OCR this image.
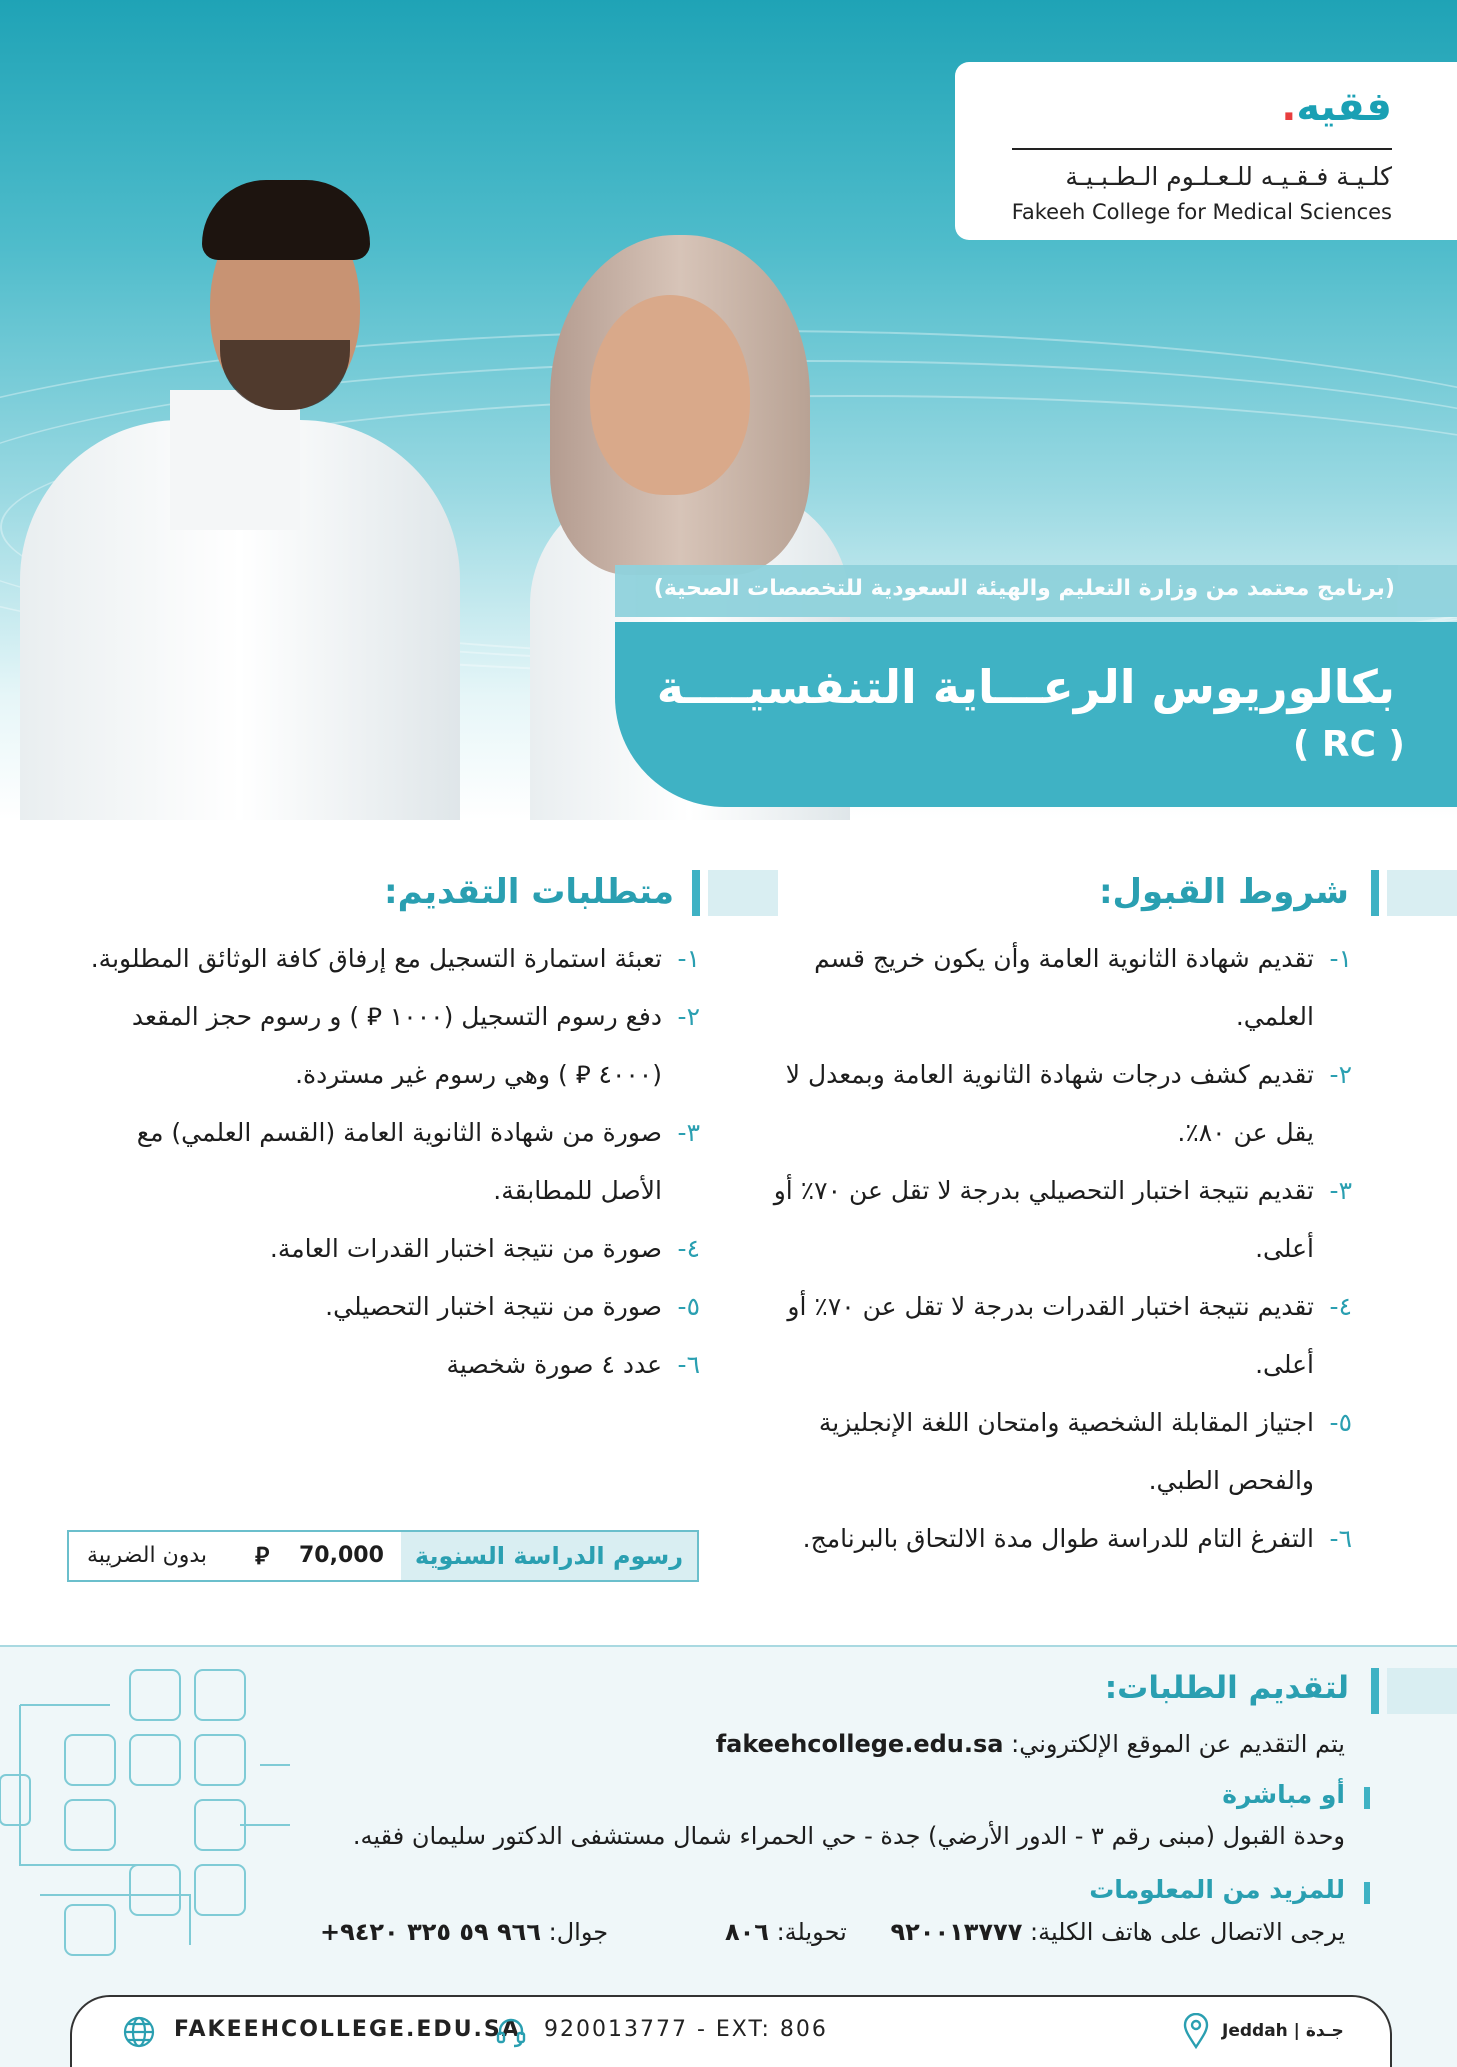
فقيه.
كلـيـة فـقـيـه للـعـلـوم الـطـبـيـة
Fakeeh College for Medical Sciences
(برنامج معتمد من وزارة التعليم والهيئة السعودية للتخصصات الصحية)
بكالوريوس الرعـــاية التنفسيــــة
( RC )
شروط القبول:
١-
تقديم شهادة الثانوية العامة وأن يكون خريج قسم
العلمي.
٢-
تقديم كشف درجات شهادة الثانوية العامة وبمعدل لا
يقل عن ٨٠٪.
٣-
تقديم نتيجة اختبار التحصيلي بدرجة لا تقل عن ٧٠٪ أو أعلى.
٤-
تقديم نتيجة اختبار القدرات بدرجة لا تقل عن ٧٠٪ أو أعلى.
٥-
اجتياز المقابلة الشخصية وامتحان اللغة الإنجليزية
والفحص الطبي.
٦-
التفرغ التام للدراسة طوال مدة الالتحاق بالبرنامج.
متطلبات التقديم:
١-
تعبئة استمارة التسجيل مع إرفاق كافة الوثائق المطلوبة.
٢-
دفع رسوم التسجيل (١٠٠٠ ⃁ ) و رسوم حجز المقعد
(٤٠٠٠ ⃁ ) وهي رسوم غير مستردة.
٣-
صورة من شهادة الثانوية العامة (القسم العلمي) مع
الأصل للمطابقة.
٤-
صورة من نتيجة اختبار القدرات العامة.
٥-
صورة من نتيجة اختبار التحصيلي.
٦-
عدد ٤ صورة شخصية
رسوم الدراسة السنوية
70,000
⃁
بدون الضريبة
لتقديم الطلبات:
يتم التقديم عن الموقع الإلكتروني: fakeehcollege.edu.sa
أو مباشرة
وحدة القبول (مبنى رقم ٣ - الدور الأرضي) جدة - حي الحمراء شمال مستشفى الدكتور سليمان فقيه.
للمزيد من المعلومات
يرجى الاتصال على هاتف الكلية: ٩٢٠٠١٣٧٧٧
تحويلة: ٨٠٦
جوال: +٩٦٦ ٥٩ ٣٢٥ ٩٤٢٠
FAKEEHCOLLEGE.EDU.SA 920013777 - EXT: 806	Jeddah | جـدة
